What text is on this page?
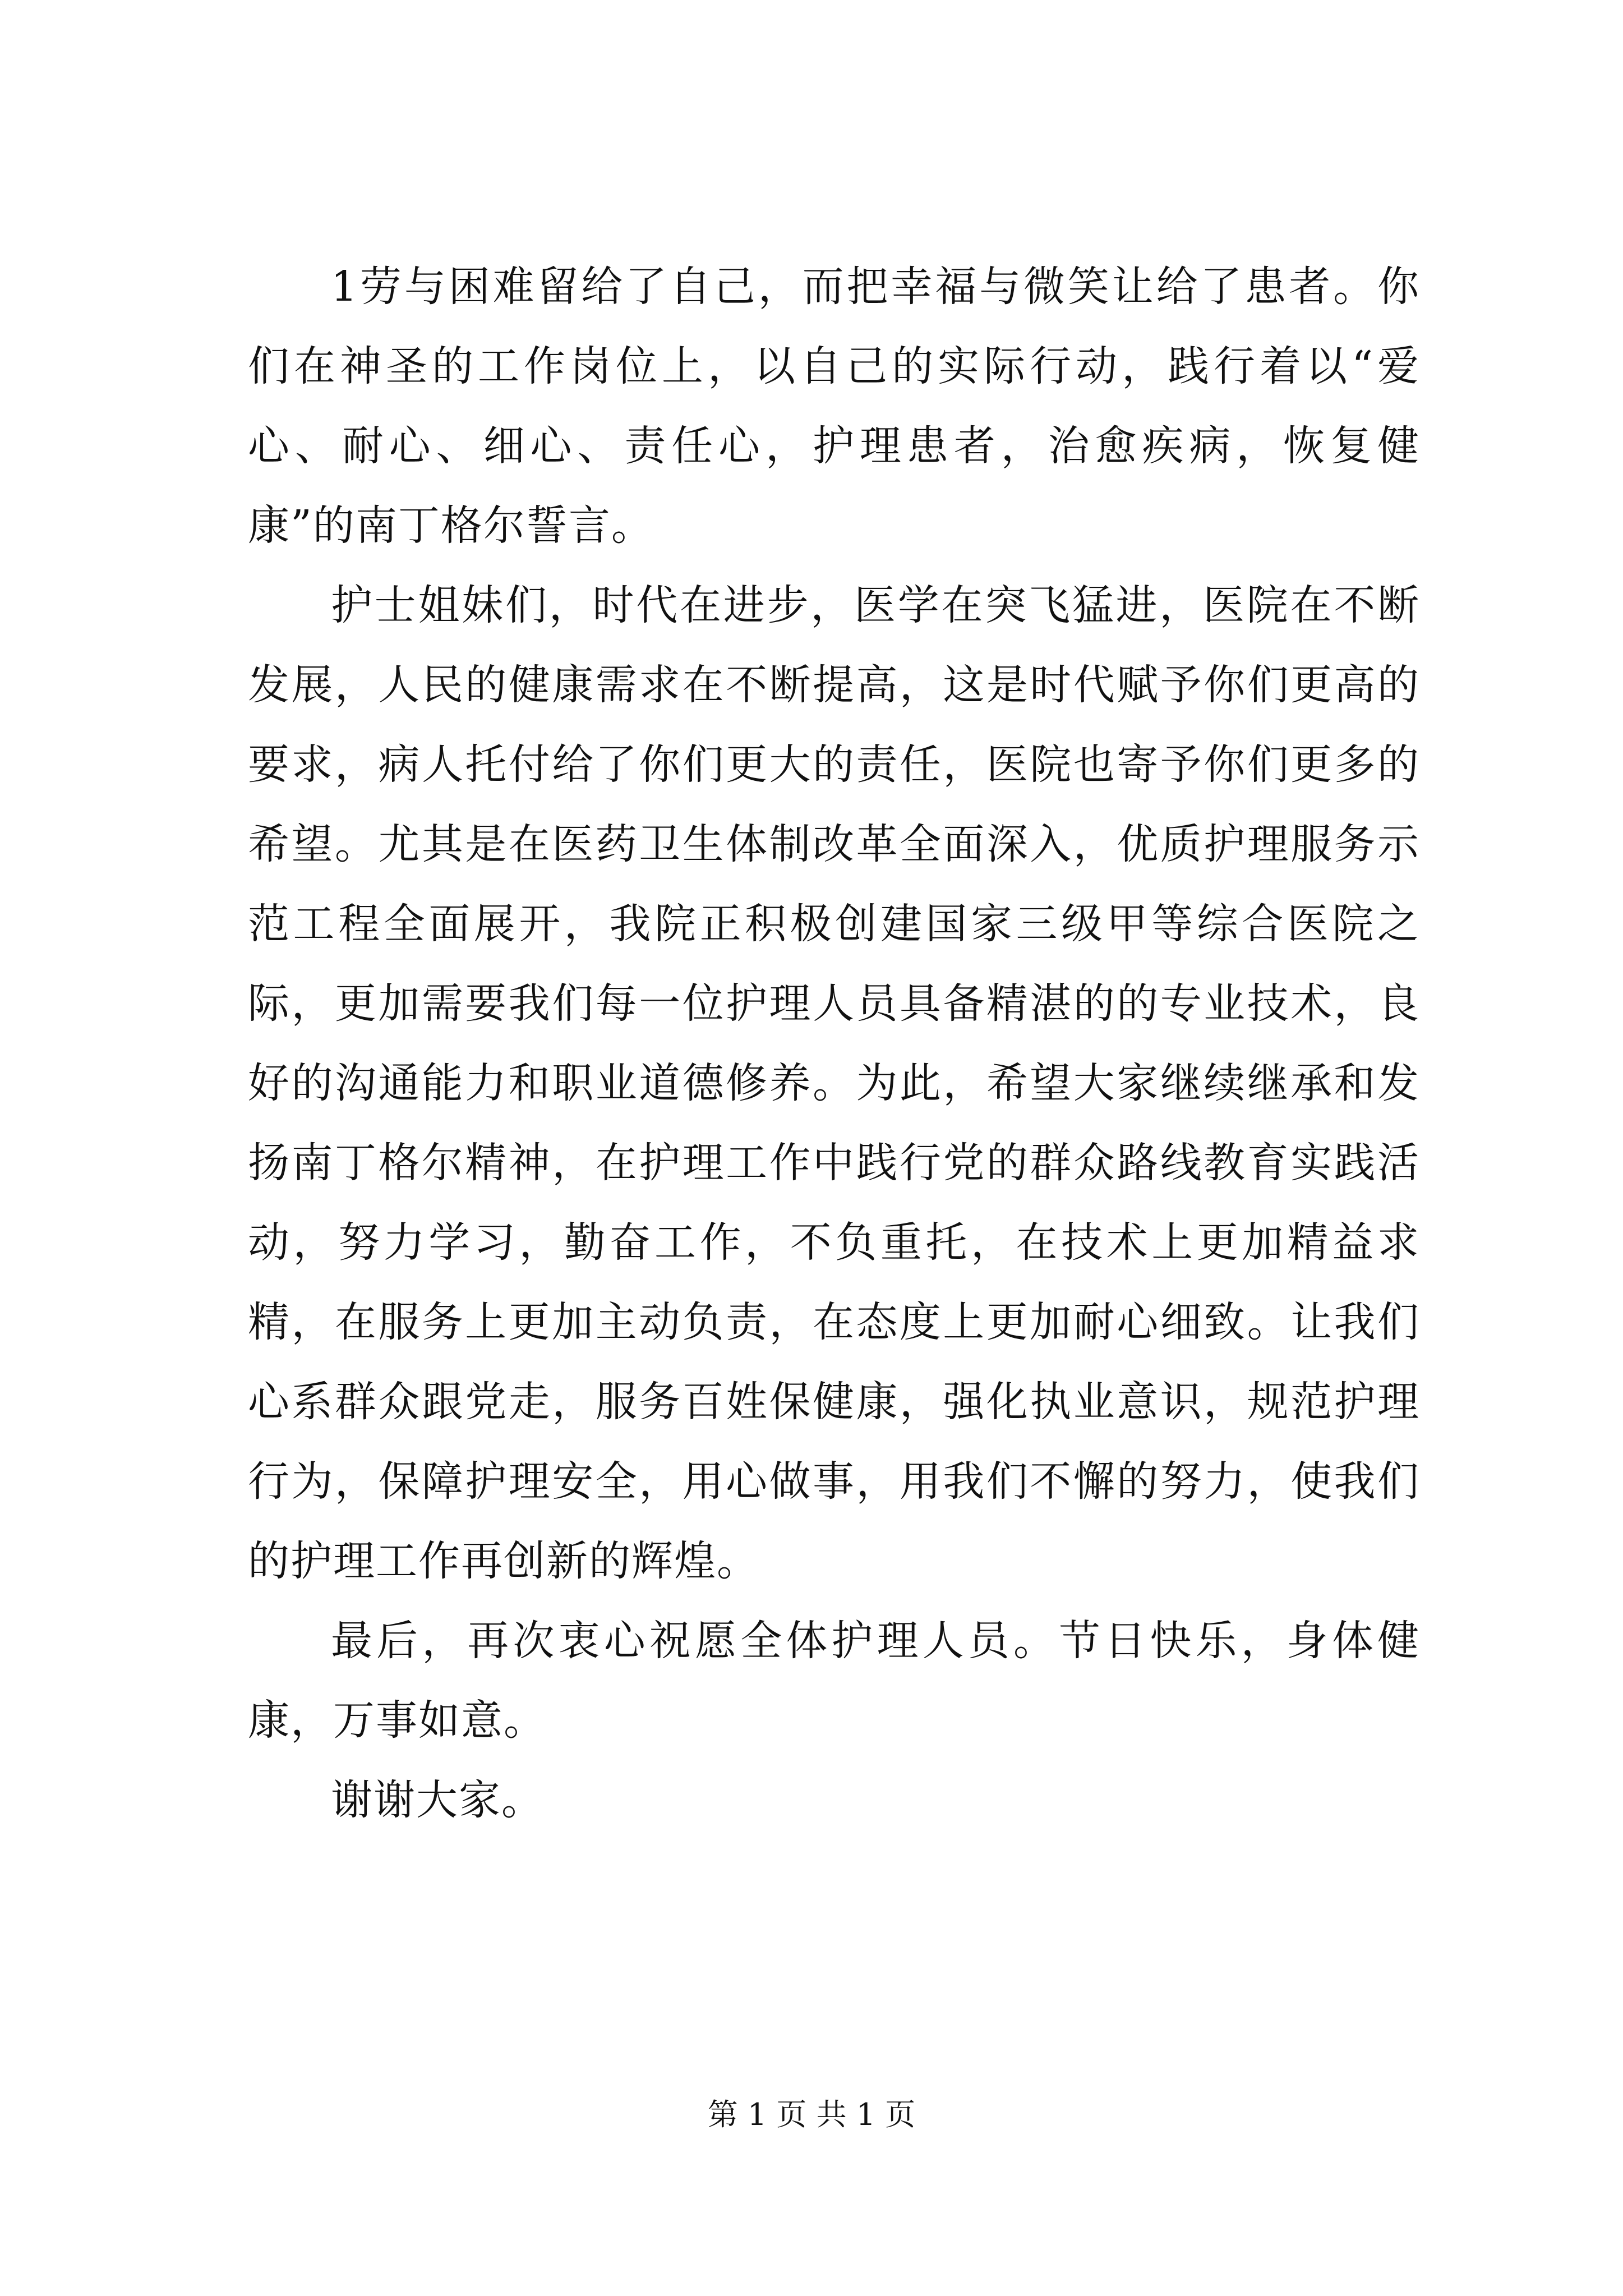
1劳与困难留给了自己，而把幸福与微笑让给了患者。你们在神圣的工作岗位上，以自己的实际行动，践行着以“爱心、耐心、细心、责任心，护理患者，治愈疾病，恢复健康”的南丁格尔誓言。

护士姐妹们，时代在进步，医学在突飞猛进，医院在不断发展，人民的健康需求在不断提高，这是时代赋予你们更高的要求，病人托付给了你们更大的责任，医院也寄予你们更多的希望。尤其是在医药卫生体制改革全面深入，优质护理服务示范工程全面展开，我院正积极创建国家三级甲等综合医院之际，更加需要我们每一位护理人员具备精湛的的专业技术，良好的沟通能力和职业道德修养。为此，希望大家继续继承和发扬南丁格尔精神，在护理工作中践行党的群众路线教育实践活动，努力学习，勤奋工作，不负重托，在技术上更加精益求精，在服务上更加主动负责，在态度上更加耐心细致。让我们心系群众跟党走，服务百姓保健康，强化执业意识，规范护理行为，保障护理安全，用心做事，用我们不懈的努力，使我们的护理工作再创新的辉煌。

最后，再次衷心祝愿全体护理人员。节日快乐，身体健康，万事如意。

谢谢大家。

第 1 页 共 1 页
